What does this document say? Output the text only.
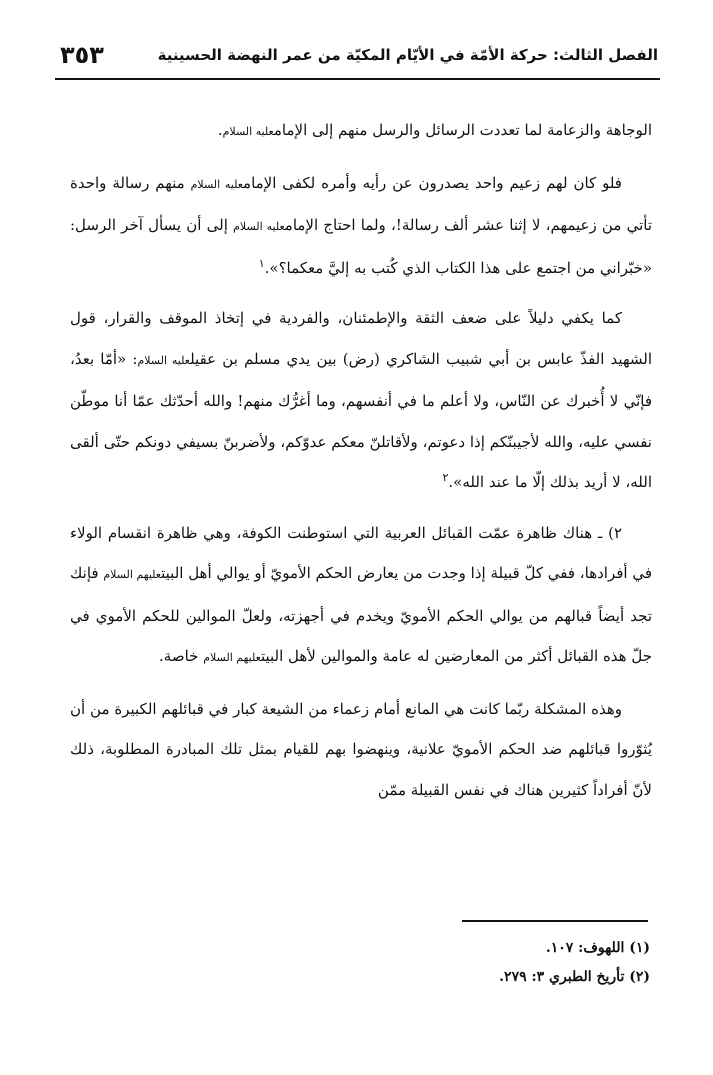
الفصل الثالث: حركة الأمّة في الأيّام المكيّة من عمر النهضة الحسينية
٣٥٣

الوجاهة والزعامة لما تعددت الرسائل والرسل منهم إلى الإمامعليه السلام.

فلو كان لهم زعيم واحد يصدرون عن رأيه وأمره لكفى الإمامعليه السلام منهم رسالة واحدة تأتي من زعيمهم، لا إثنا عشر ألف رسالة!، ولما احتاج الإمامعليه السلام إلى أن يسأل آخر الرسل: «خبّراني من اجتمع على هذا الكتاب الذي كُتب به إليَّ معكما؟».$^١$

كما يكفي دليلاً على ضعف الثقة والإطمئنان، والفردية في إتخاذ الموقف والقرار، قول الشهيد الفذّ عابس بن أبي شبيب الشاكري (رض) بين يدي مسلم بن عقيلعليه السلام: «أمّا بعدُ، فإنّي لا أُخبرك عن النّاس، ولا أعلم ما في أنفسهم، وما أغرُّك منهم! والله أحدّثك عمّا أنا موطّن نفسي عليه، والله لأجيبنّكم إذا دعوتم، ولأقاتلنّ معكم عدوّكم، ولأضربنّ بسيفي دونكم حتّى ألقى الله، لا أريد بذلك إلّا ما عند الله».$^٢$

٢) ـ هناك ظاهرة عمّت القبائل العربية التي استوطنت الكوفة، وهي ظاهرة انقسام الولاء في أفرادها، ففي كلّ قبيلة إذا وجدت من يعارض الحكم الأمويّ أو يوالي أهل البيتعليهم السلام فإنك تجد أيضاً قبالهم من يوالي الحكم الأمويّ ويخدم في أجهزته، ولعلّ الموالين للحكم الأموي في جلّ هذه القبائل أكثر من المعارضين له عامة والموالين لأهل البيتعليهم السلام خاصة.

وهذه المشكلة ربّما كانت هي المانع أمام زعماء من الشيعة كبار في قبائلهم الكبيرة من أن يُثوّروا قبائلهم ضد الحكم الأمويّ علانية، وينهضوا بهم للقيام بمثل تلك المبادرة المطلوبة، ذلك لأنّ أفراداً كثيرين هناك في نفس القبيلة ممّن

(١) اللهوف: ١٠٧.

(٢) تأريخ الطبري ٣: ٢٧٩.
